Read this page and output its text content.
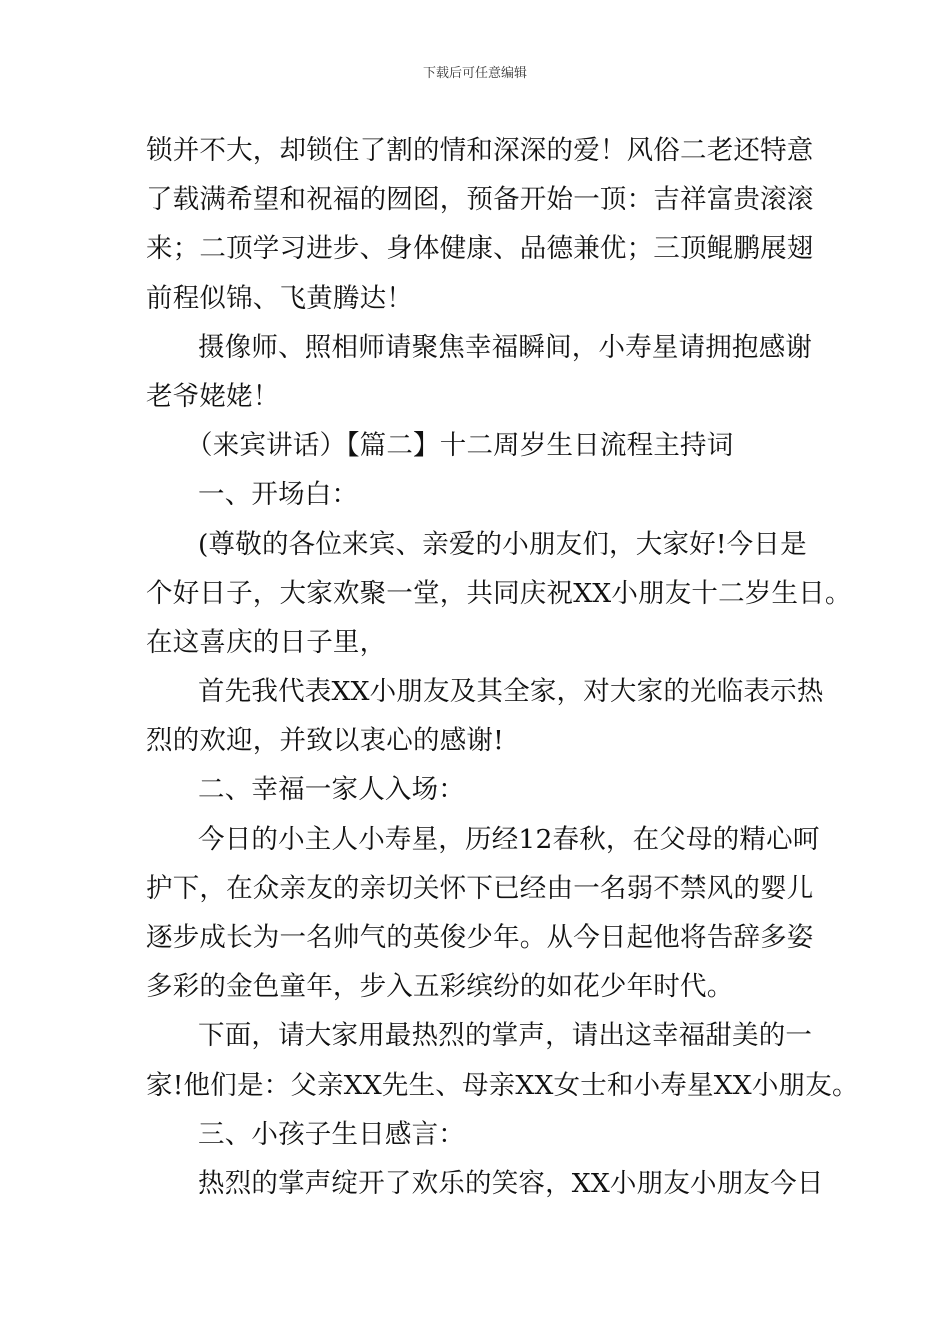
下载后可任意编辑
锁并不大，却锁住了割的情和深深的爱！风俗二老还特意
了载满希望和祝福的囫囵，预备开始一顶：吉祥富贵滚滚
来；二顶学习进步、身体健康、品德兼优；三顶鲲鹏展翅
前程似锦、飞黄腾达！
摄像师、照相师请聚焦幸福瞬间，小寿星请拥抱感谢
老爷姥姥！
（来宾讲话）【篇二】十二周岁生日流程主持词
一、开场白：
(尊敬的各位来宾、亲爱的小朋友们，大家好!今日是
个好日子，大家欢聚一堂，共同庆祝XX小朋友十二岁生日。
在这喜庆的日子里，
首先我代表XX小朋友及其全家，对大家的光临表示热
烈的欢迎，并致以衷心的感谢!
二、幸福一家人入场：
今日的小主人小寿星，历经12春秋，在父母的精心呵
护下，在众亲友的亲切关怀下已经由一名弱不禁风的婴儿
逐步成长为一名帅气的英俊少年。从今日起他将告辞多姿
多彩的金色童年，步入五彩缤纷的如花少年时代。
下面，请大家用最热烈的掌声，请出这幸福甜美的一
家!他们是：父亲XX先生、母亲XX女士和小寿星XX小朋友。
三、小孩子生日感言：
热烈的掌声绽开了欢乐的笑容，XX小朋友小朋友今日
